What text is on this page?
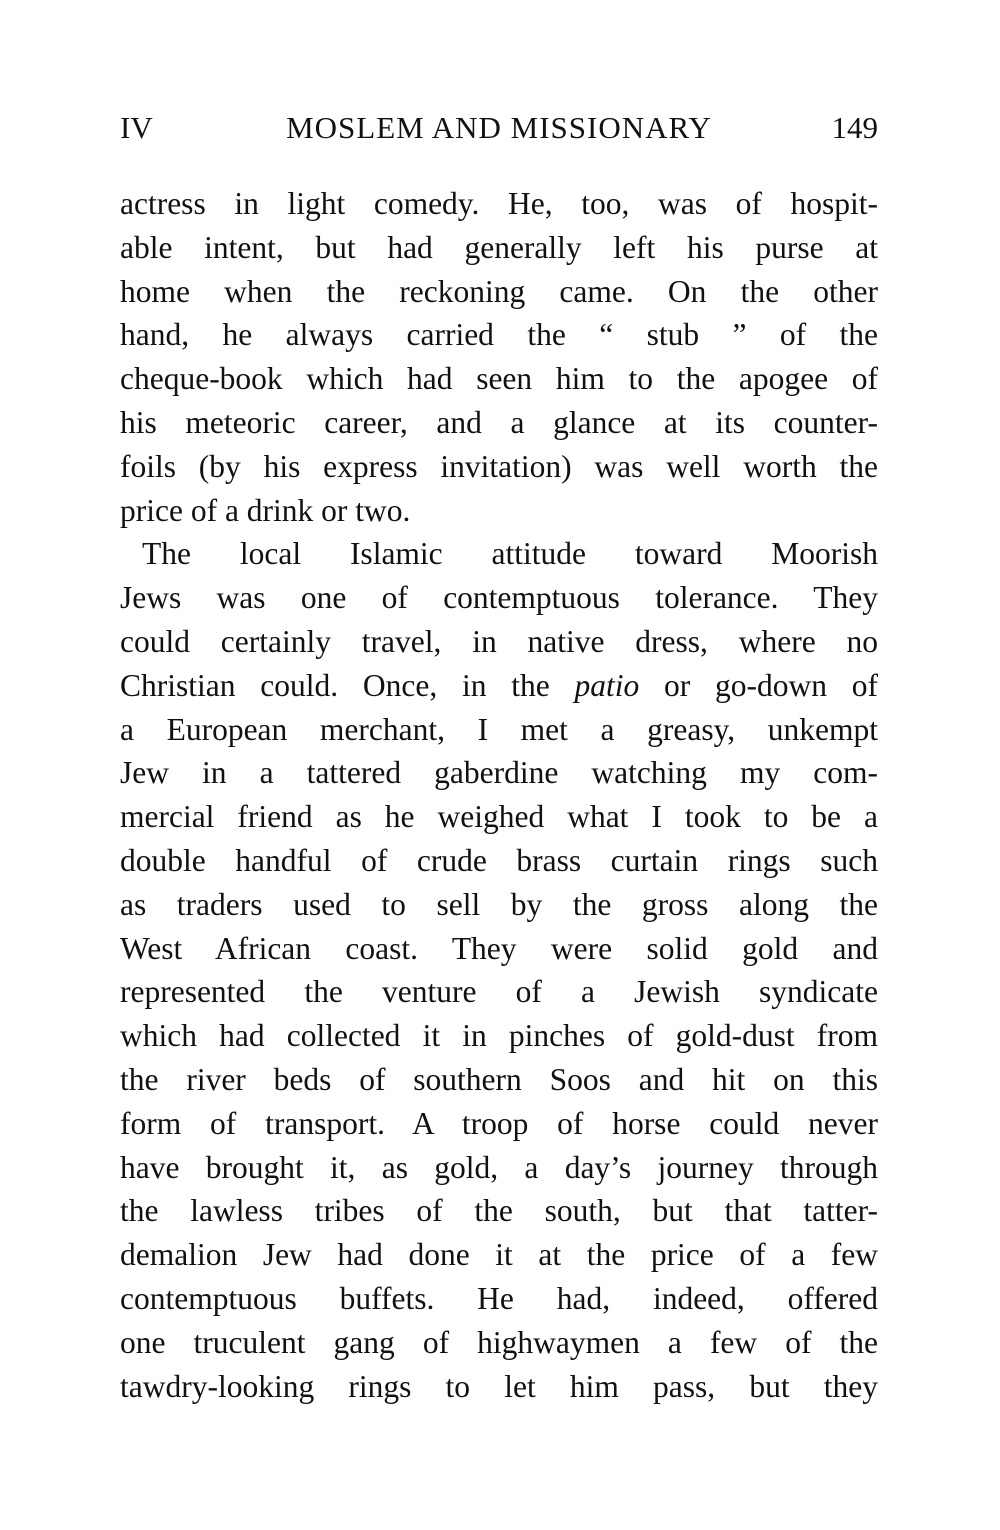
MOSLEM AND MISSIONARY
IV	149
actress in light comedy. He, too, was of hospit-
able intent, but had generally left his purse at
home when the reckoning came. On the other
hand, he always carried the “ stub ” of the
cheque-book which had seen him to the apogee of
his meteoric career, and a glance at its counter-
foils (by his express invitation) was well worth the
price of a drink or two.
The local Islamic attitude toward Moorish
Jews was one of contemptuous tolerance. They
could certainly travel, in native dress, where no
Christian could. Once, in the patio or go-down of
a European merchant, I met a greasy, unkempt
Jew in a tattered gaberdine watching my com-
mercial friend as he weighed what I took to be a
double handful of crude brass curtain rings such
as traders used to sell by the gross along the
West African coast. They were solid gold and
represented the venture of a Jewish syndicate
which had collected it in pinches of gold-dust from
the river beds of southern Soos and hit on this
form of transport. A troop of horse could never
have brought it, as gold, a day’s journey through
the lawless tribes of the south, but that tatter-
demalion Jew had done it at the price of a few
contemptuous buffets. He had, indeed, offered
one truculent gang of highwaymen a few of the
tawdry-looking rings to let him pass, but they
